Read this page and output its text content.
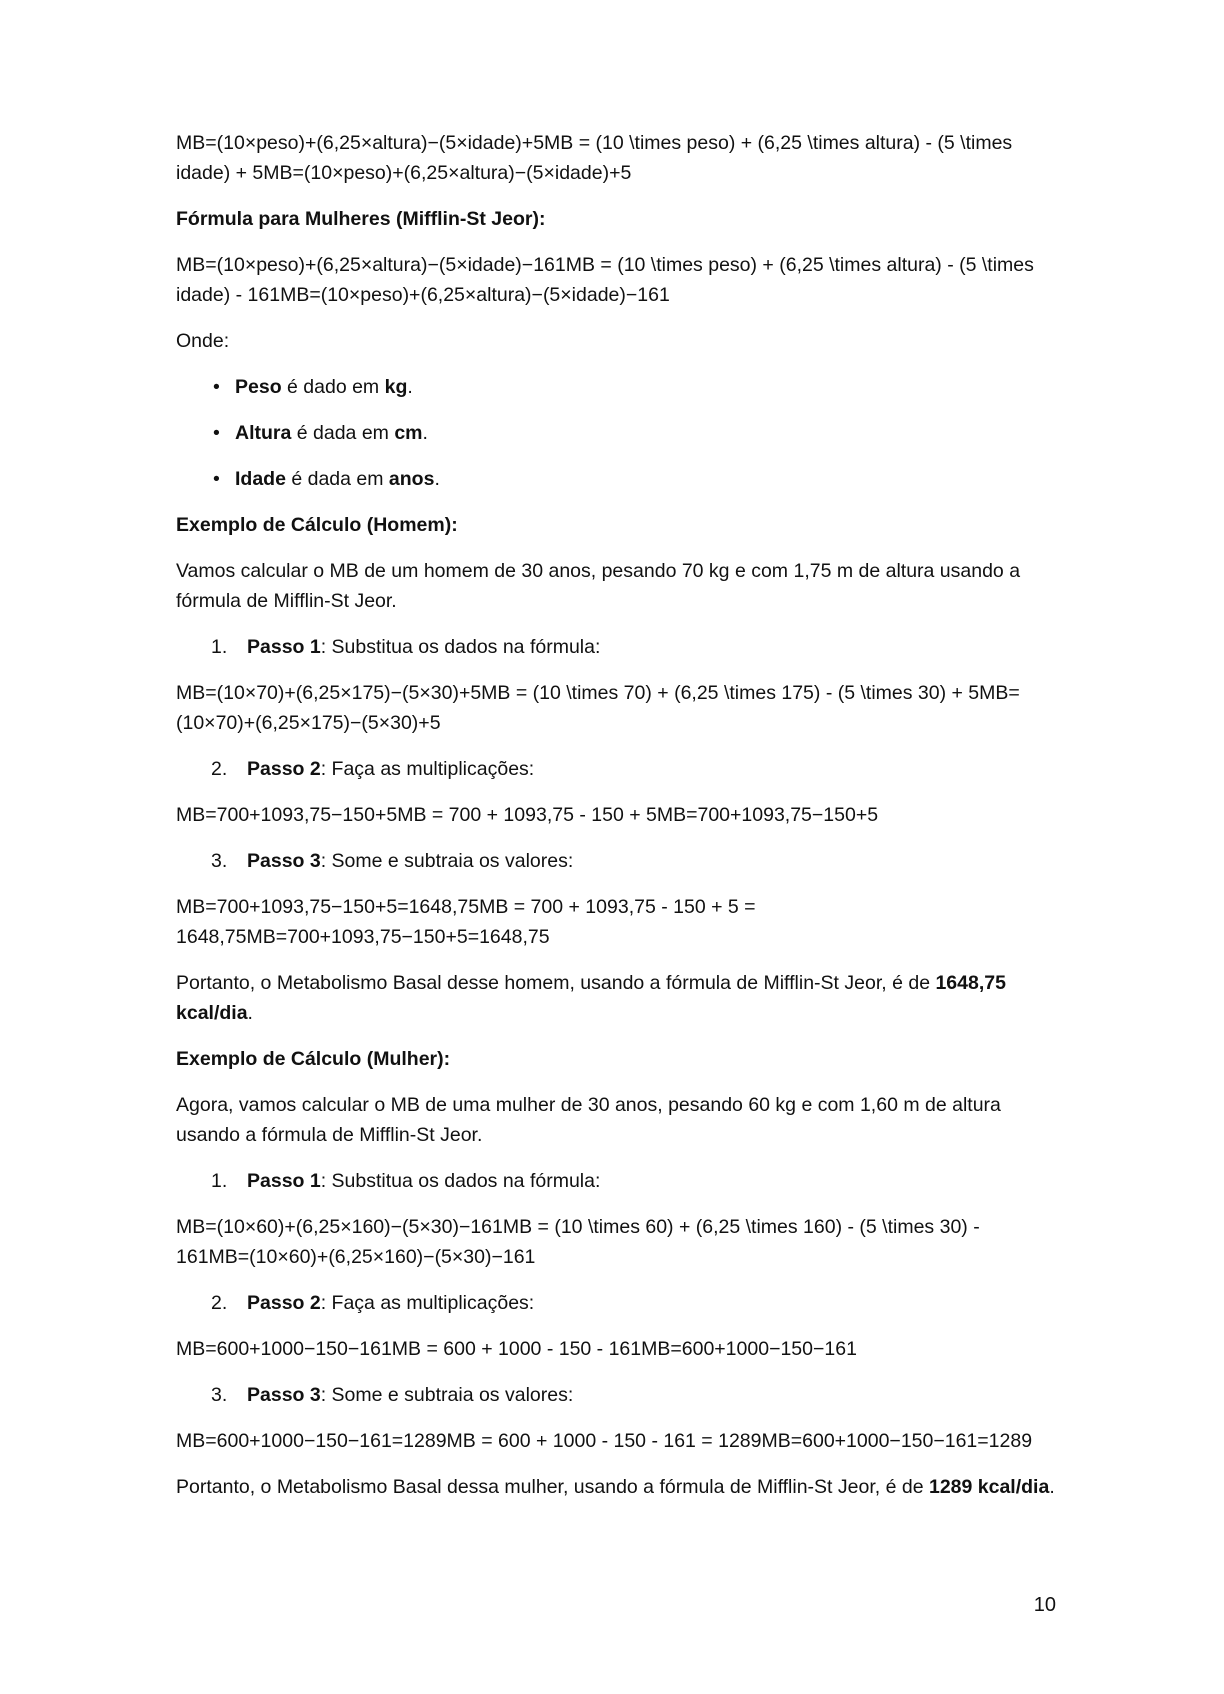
MB=(10×peso)+(6,25×altura)−(5×idade)+5MB = (10 \times peso) + (6,25 \times altura) - (5 \times idade) + 5MB=(10×peso)+(6,25×altura)−(5×idade)+5

Fórmula para Mulheres (Mifflin-St Jeor):

MB=(10×peso)+(6,25×altura)−(5×idade)−161MB = (10 \times peso) + (6,25 \times altura) - (5 \times idade) - 161MB=(10×peso)+(6,25×altura)−(5×idade)−161

Onde:

• Peso é dado em kg.
• Altura é dada em cm.
• Idade é dada em anos.

Exemplo de Cálculo (Homem):

Vamos calcular o MB de um homem de 30 anos, pesando 70 kg e com 1,75 m de altura usando a fórmula de Mifflin-St Jeor.

1.	Passo 1: Substitua os dados na fórmula:

MB=(10×70)+(6,25×175)−(5×30)+5MB = (10 \times 70) + (6,25 \times 175) - (5 \times 30) + 5MB=(10×70)+(6,25×175)−(5×30)+5

2.	Passo 2: Faça as multiplicações:

MB=700+1093,75−150+5MB = 700 + 1093,75 - 150 + 5MB=700+1093,75−150+5

3.	Passo 3: Some e subtraia os valores:

MB=700+1093,75−150+5=1648,75MB = 700 + 1093,75 - 150 + 5 = 1648,75MB=700+1093,75−150+5=1648,75

Portanto, o Metabolismo Basal desse homem, usando a fórmula de Mifflin-St Jeor, é de 1648,75 kcal/dia.

Exemplo de Cálculo (Mulher):

Agora, vamos calcular o MB de uma mulher de 30 anos, pesando 60 kg e com 1,60 m de altura usando a fórmula de Mifflin-St Jeor.

1.	Passo 1: Substitua os dados na fórmula:

MB=(10×60)+(6,25×160)−(5×30)−161MB = (10 \times 60) + (6,25 \times 160) - (5 \times 30) - 161MB=(10×60)+(6,25×160)−(5×30)−161

2.	Passo 2: Faça as multiplicações:

MB=600+1000−150−161MB = 600 + 1000 - 150 - 161MB=600+1000−150−161

3.	Passo 3: Some e subtraia os valores:

MB=600+1000−150−161=1289MB = 600 + 1000 - 150 - 161 = 1289MB=600+1000−150−161=1289

Portanto, o Metabolismo Basal dessa mulher, usando a fórmula de Mifflin-St Jeor, é de 1289 kcal/dia.

10
